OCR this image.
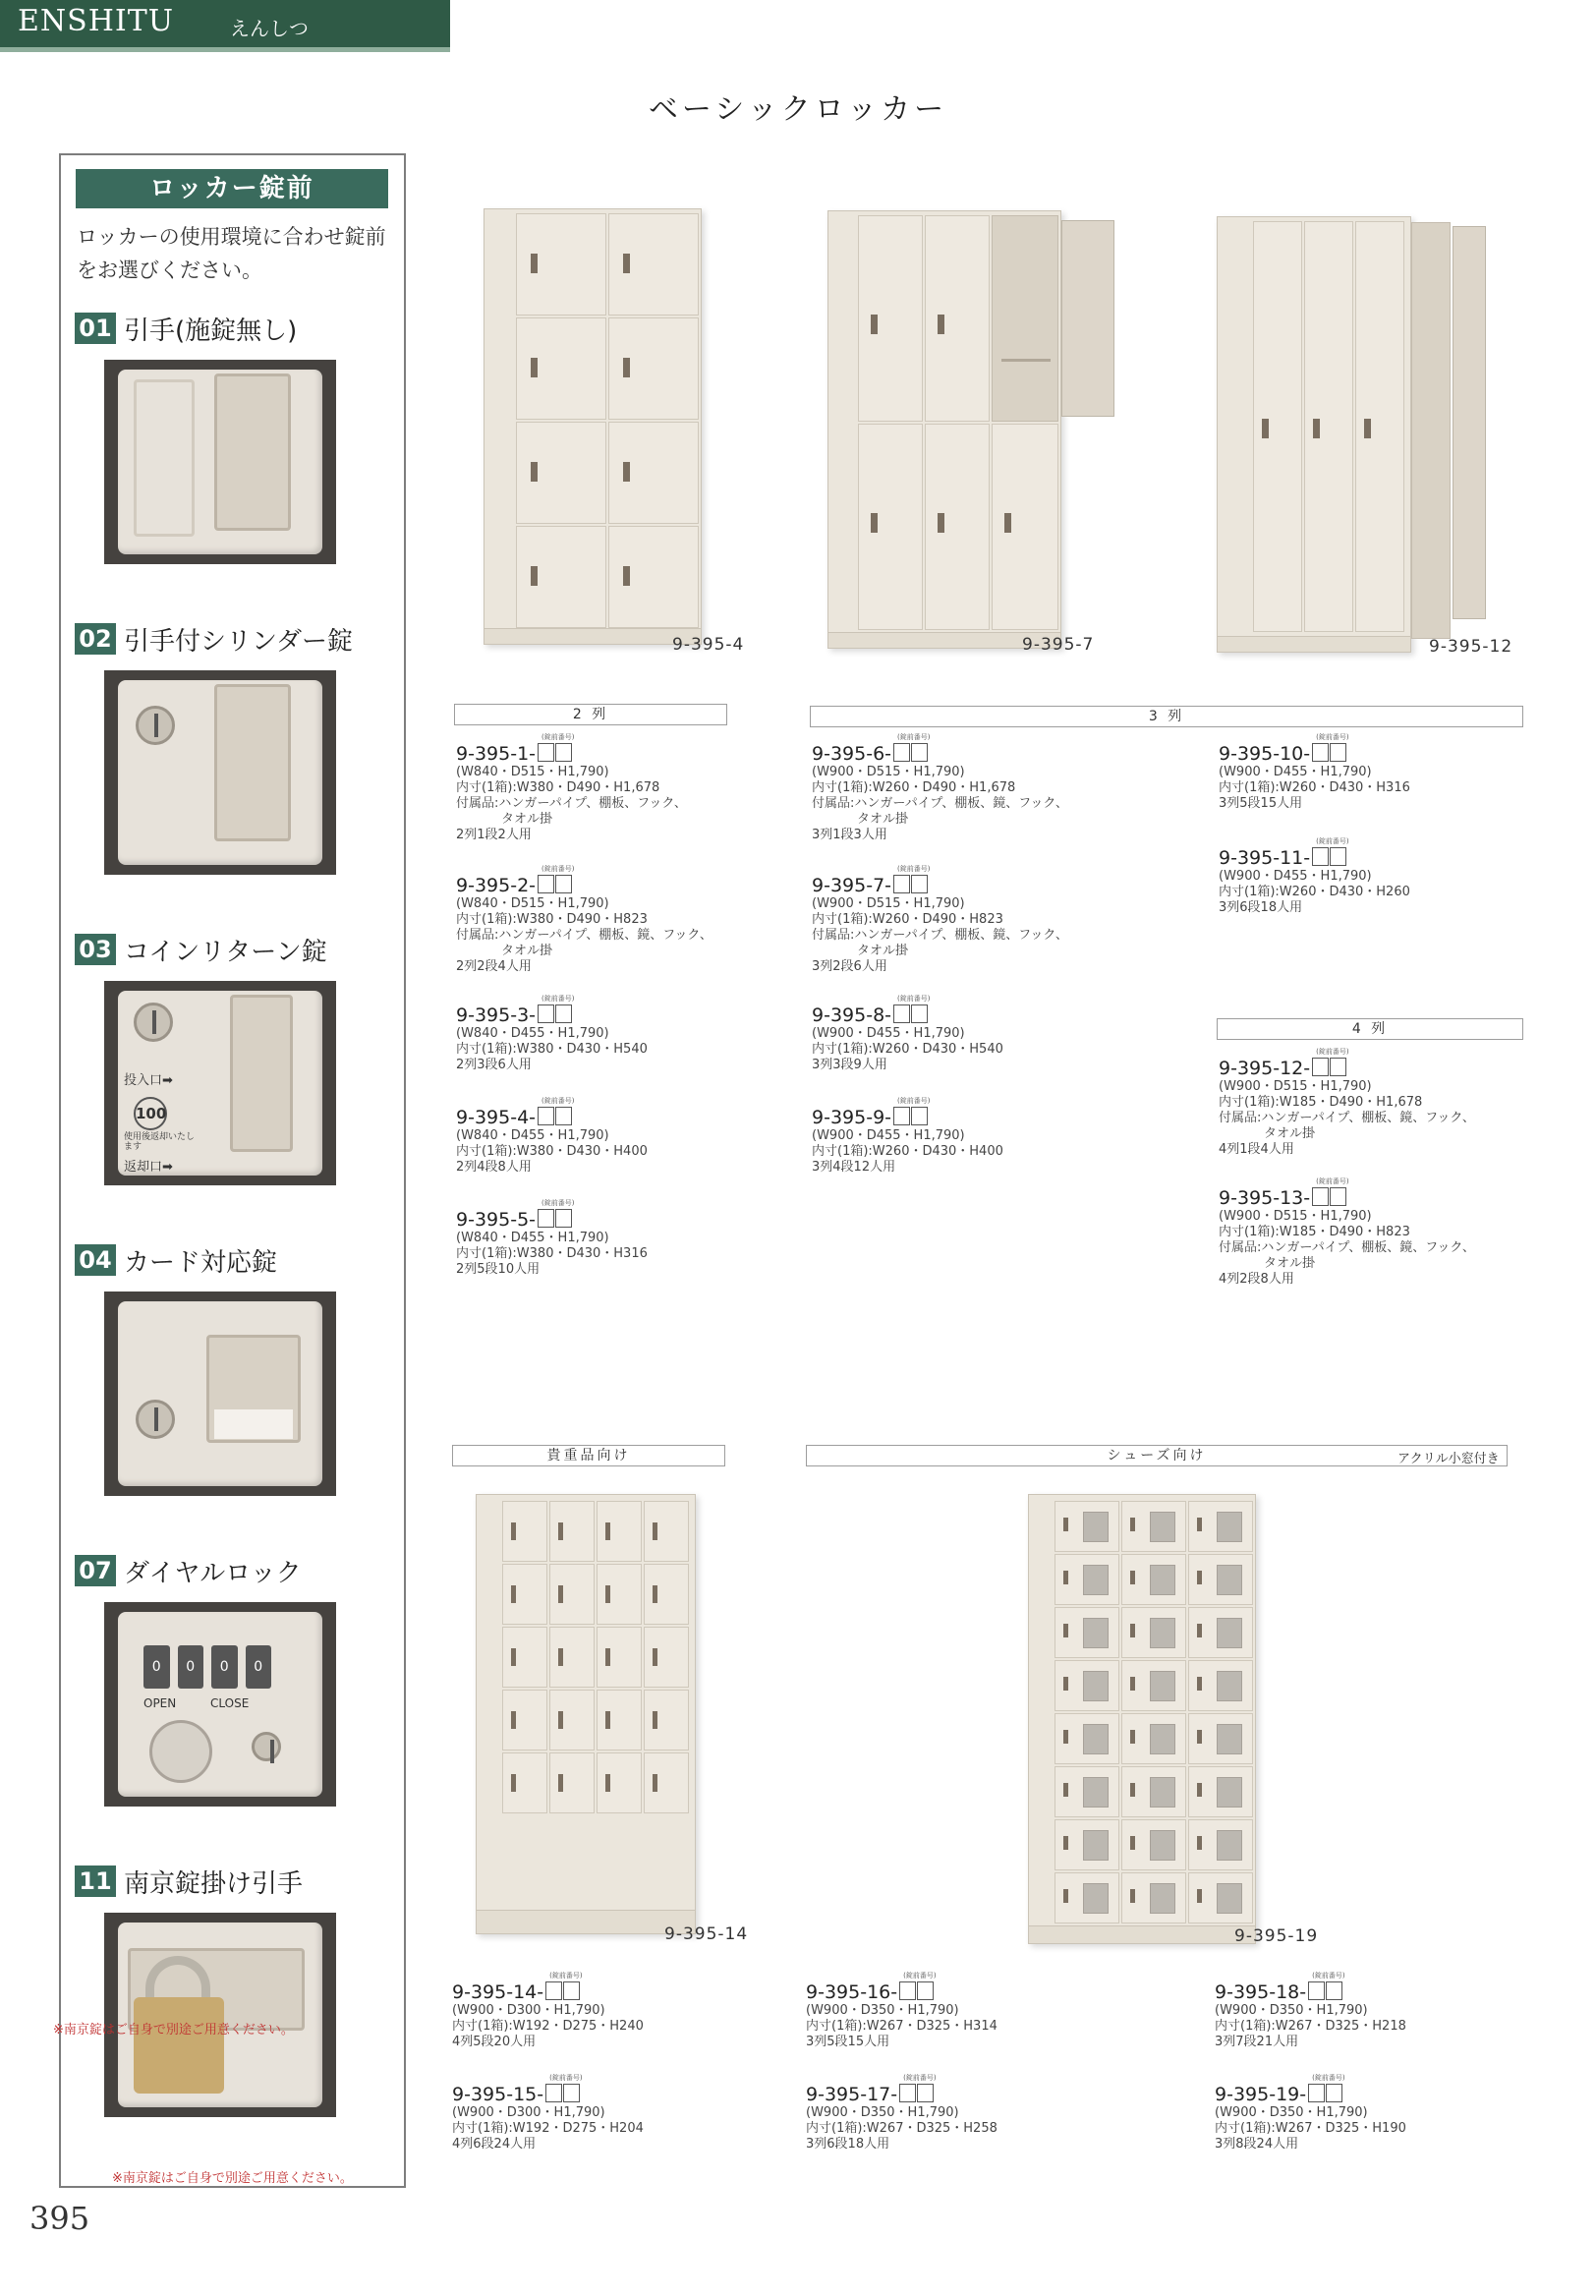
ENSHITU	えんしつ
ベーシックロッカー
ロッカー錠前
ロッカーの使用環境に合わせ錠前をお選びください。
01 引手(施錠無し)
02 引手付シリンダー錠
03 コインリターン錠
投入口➡
100
使用後返却いたします
返却口➡
04 カード対応錠
07 ダイヤルロック
0	0	0	0
OPEN	CLOSE
11 南京錠掛け引手
※南京錠はご自身で別途ご用意ください。
※南京錠はご自身で別途ご用意ください。
395
9-395-4	9-395-7	9-395-12
2 列	3 列
4 列
9-395-1-
(錠前番号)
(W840・D515・H1,790)
内寸(1箱):W380・D490・H1,678
付属品:ハンガーパイプ、棚板、フック、
タオル掛
2列1段2人用
9-395-2-
(錠前番号)
(W840・D515・H1,790)
内寸(1箱):W380・D490・H823
付属品:ハンガーパイプ、棚板、鏡、フック、
タオル掛
2列2段4人用
9-395-3-
(錠前番号)
(W840・D455・H1,790)
内寸(1箱):W380・D430・H540
2列3段6人用
9-395-4-
(錠前番号)
(W840・D455・H1,790)
内寸(1箱):W380・D430・H400
2列4段8人用
9-395-5-
(錠前番号)
(W840・D455・H1,790)
内寸(1箱):W380・D430・H316
2列5段10人用
9-395-6-
(錠前番号)
(W900・D515・H1,790)
内寸(1箱):W260・D490・H1,678
付属品:ハンガーパイプ、棚板、鏡、フック、
タオル掛
3列1段3人用
9-395-7-
(錠前番号)
(W900・D515・H1,790)
内寸(1箱):W260・D490・H823
付属品:ハンガーパイプ、棚板、鏡、フック、
タオル掛
3列2段6人用
9-395-8-
(錠前番号)
(W900・D455・H1,790)
内寸(1箱):W260・D430・H540
3列3段9人用
9-395-9-
(錠前番号)
(W900・D455・H1,790)
内寸(1箱):W260・D430・H400
3列4段12人用
9-395-10-
(錠前番号)
(W900・D455・H1,790)
内寸(1箱):W260・D430・H316
3列5段15人用
9-395-11-
(錠前番号)
(W900・D455・H1,790)
内寸(1箱):W260・D430・H260
3列6段18人用
9-395-12-
(錠前番号)
(W900・D515・H1,790)
内寸(1箱):W185・D490・H1,678
付属品:ハンガーパイプ、棚板、鏡、フック、
タオル掛
4列1段4人用
9-395-13-
(錠前番号)
(W900・D515・H1,790)
内寸(1箱):W185・D490・H823
付属品:ハンガーパイプ、棚板、鏡、フック、
タオル掛
4列2段8人用
貴重品向け	シューズ向け	アクリル小窓付き
9-395-14	9-395-19
9-395-14-
(錠前番号)
(W900・D300・H1,790)
内寸(1箱):W192・D275・H240
4列5段20人用
9-395-15-
(錠前番号)
(W900・D300・H1,790)
内寸(1箱):W192・D275・H204
4列6段24人用
9-395-16-
(錠前番号)
(W900・D350・H1,790)
内寸(1箱):W267・D325・H314
3列5段15人用
9-395-17-
(錠前番号)
(W900・D350・H1,790)
内寸(1箱):W267・D325・H258
3列6段18人用
9-395-18-
(錠前番号)
(W900・D350・H1,790)
内寸(1箱):W267・D325・H218
3列7段21人用
9-395-19-
(錠前番号)
(W900・D350・H1,790)
内寸(1箱):W267・D325・H190
3列8段24人用
